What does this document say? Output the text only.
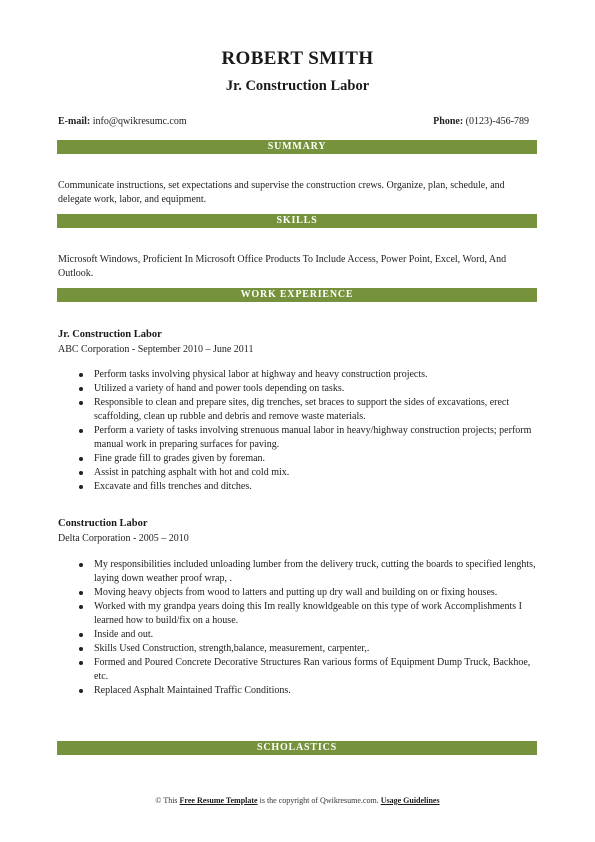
ROBERT SMITH
Jr. Construction Labor
E-mail: info@qwikresumc.com	Phone: (0123)-456-789
SUMMARY
Communicate instructions, set expectations and supervise the construction crews. Organize, plan, schedule, and delegate work, labor, and equipment.
SKILLS
Microsoft Windows, Proficient In Microsoft Office Products To Include Access, Power Point, Excel, Word, And Outlook.
WORK EXPERIENCE
Jr. Construction Labor
ABC Corporation - September 2010 – June 2011
Perform tasks involving physical labor at highway and heavy construction projects.
Utilized a variety of hand and power tools depending on tasks.
Responsible to clean and prepare sites, dig trenches, set braces to support the sides of excavations, erect scaffolding, clean up rubble and debris and remove waste materials.
Perform a variety of tasks involving strenuous manual labor in heavy/highway construction projects; perform manual work in preparing surfaces for paving.
Fine grade fill to grades given by foreman.
Assist in patching asphalt with hot and cold mix.
Excavate and fills trenches and ditches.
Construction Labor
Delta Corporation - 2005 – 2010
My responsibilities included unloading lumber from the delivery truck, cutting the boards to specified lenghts, laying down weather proof wrap, .
Moving heavy objects from wood to latters and putting up dry wall and building on or fixing houses.
Worked with my grandpa years doing this Im really knowldgeable on this type of work Accomplishments I learned how to build/fix on a house.
Inside and out.
Skills Used Construction, strength,balance, measurement, carpenter,.
Formed and Poured Concrete Decorative Structures Ran various forms of Equipment Dump Truck, Backhoe, etc.
Replaced Asphalt Maintained Traffic Conditions.
SCHOLASTICS
© This Free Resume Template is the copyright of Qwikresume.com. Usage Guidelines
